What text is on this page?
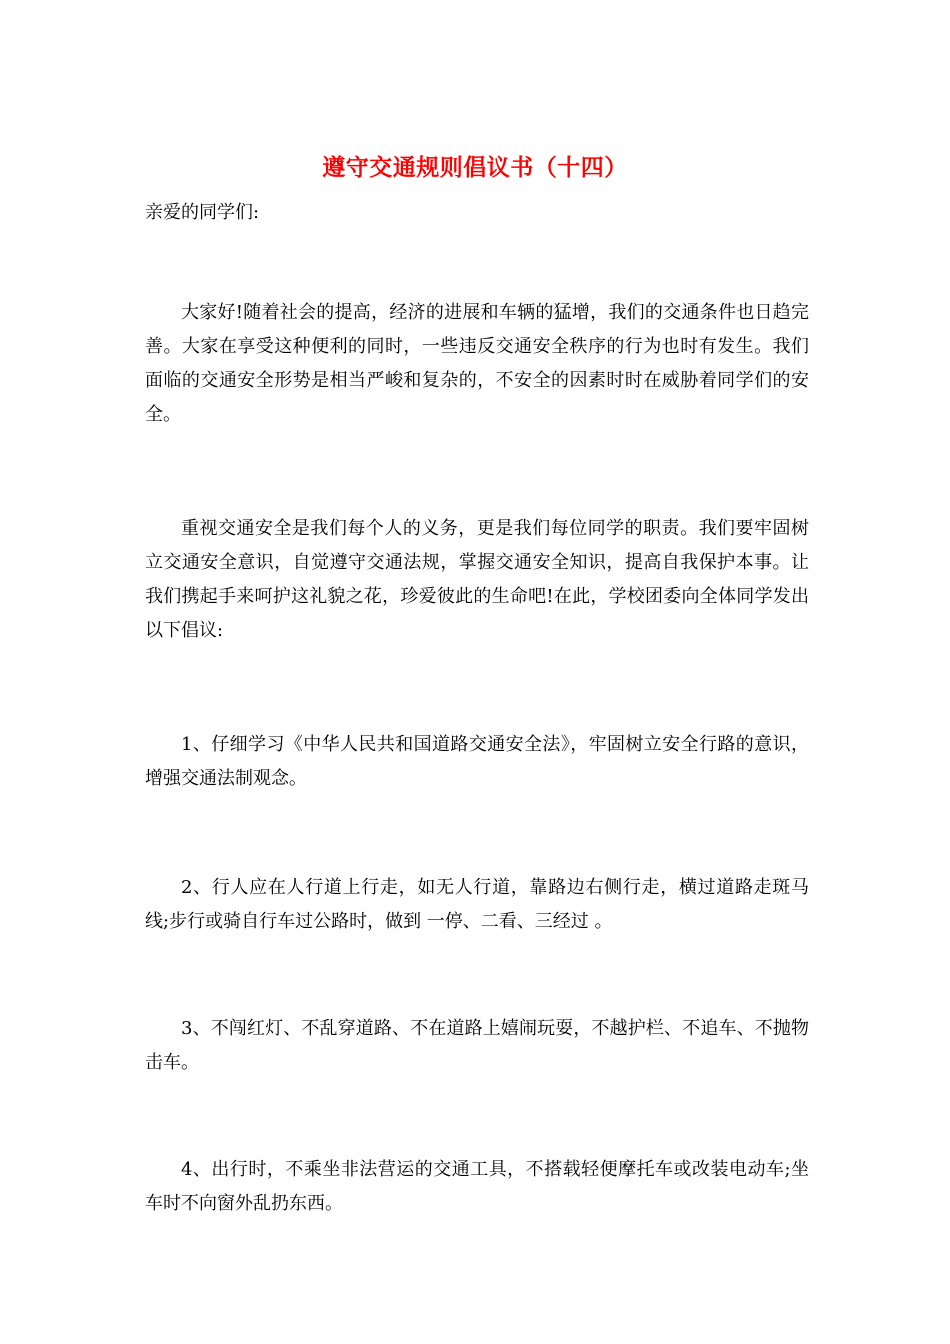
遵守交通规则倡议书（十四）
亲爱的同学们:

大家好!随着社会的提高，经济的进展和车辆的猛增，我们的交通条件也日趋完善。大家在享受这种便利的同时，一些违反交通安全秩序的行为也时有发生。我们面临的交通安全形势是相当严峻和复杂的，不安全的因素时时在威胁着同学们的安全。

重视交通安全是我们每个人的义务，更是我们每位同学的职责。我们要牢固树立交通安全意识，自觉遵守交通法规，掌握交通安全知识，提高自我保护本事。让我们携起手来呵护这礼貌之花，珍爱彼此的生命吧!在此，学校团委向全体同学发出以下倡议:

1、仔细学习《中华人民共和国道路交通安全法》，牢固树立安全行路的意识，增强交通法制观念。

2、行人应在人行道上行走，如无人行道，靠路边右侧行走，横过道路走斑马线;步行或骑自行车过公路时，做到 一停、二看、三经过 。

3、不闯红灯、不乱穿道路、不在道路上嬉闹玩耍，不越护栏、不追车、不抛物击车。

4、出行时，不乘坐非法营运的交通工具，不搭载轻便摩托车或改装电动车;坐车时不向窗外乱扔东西。
